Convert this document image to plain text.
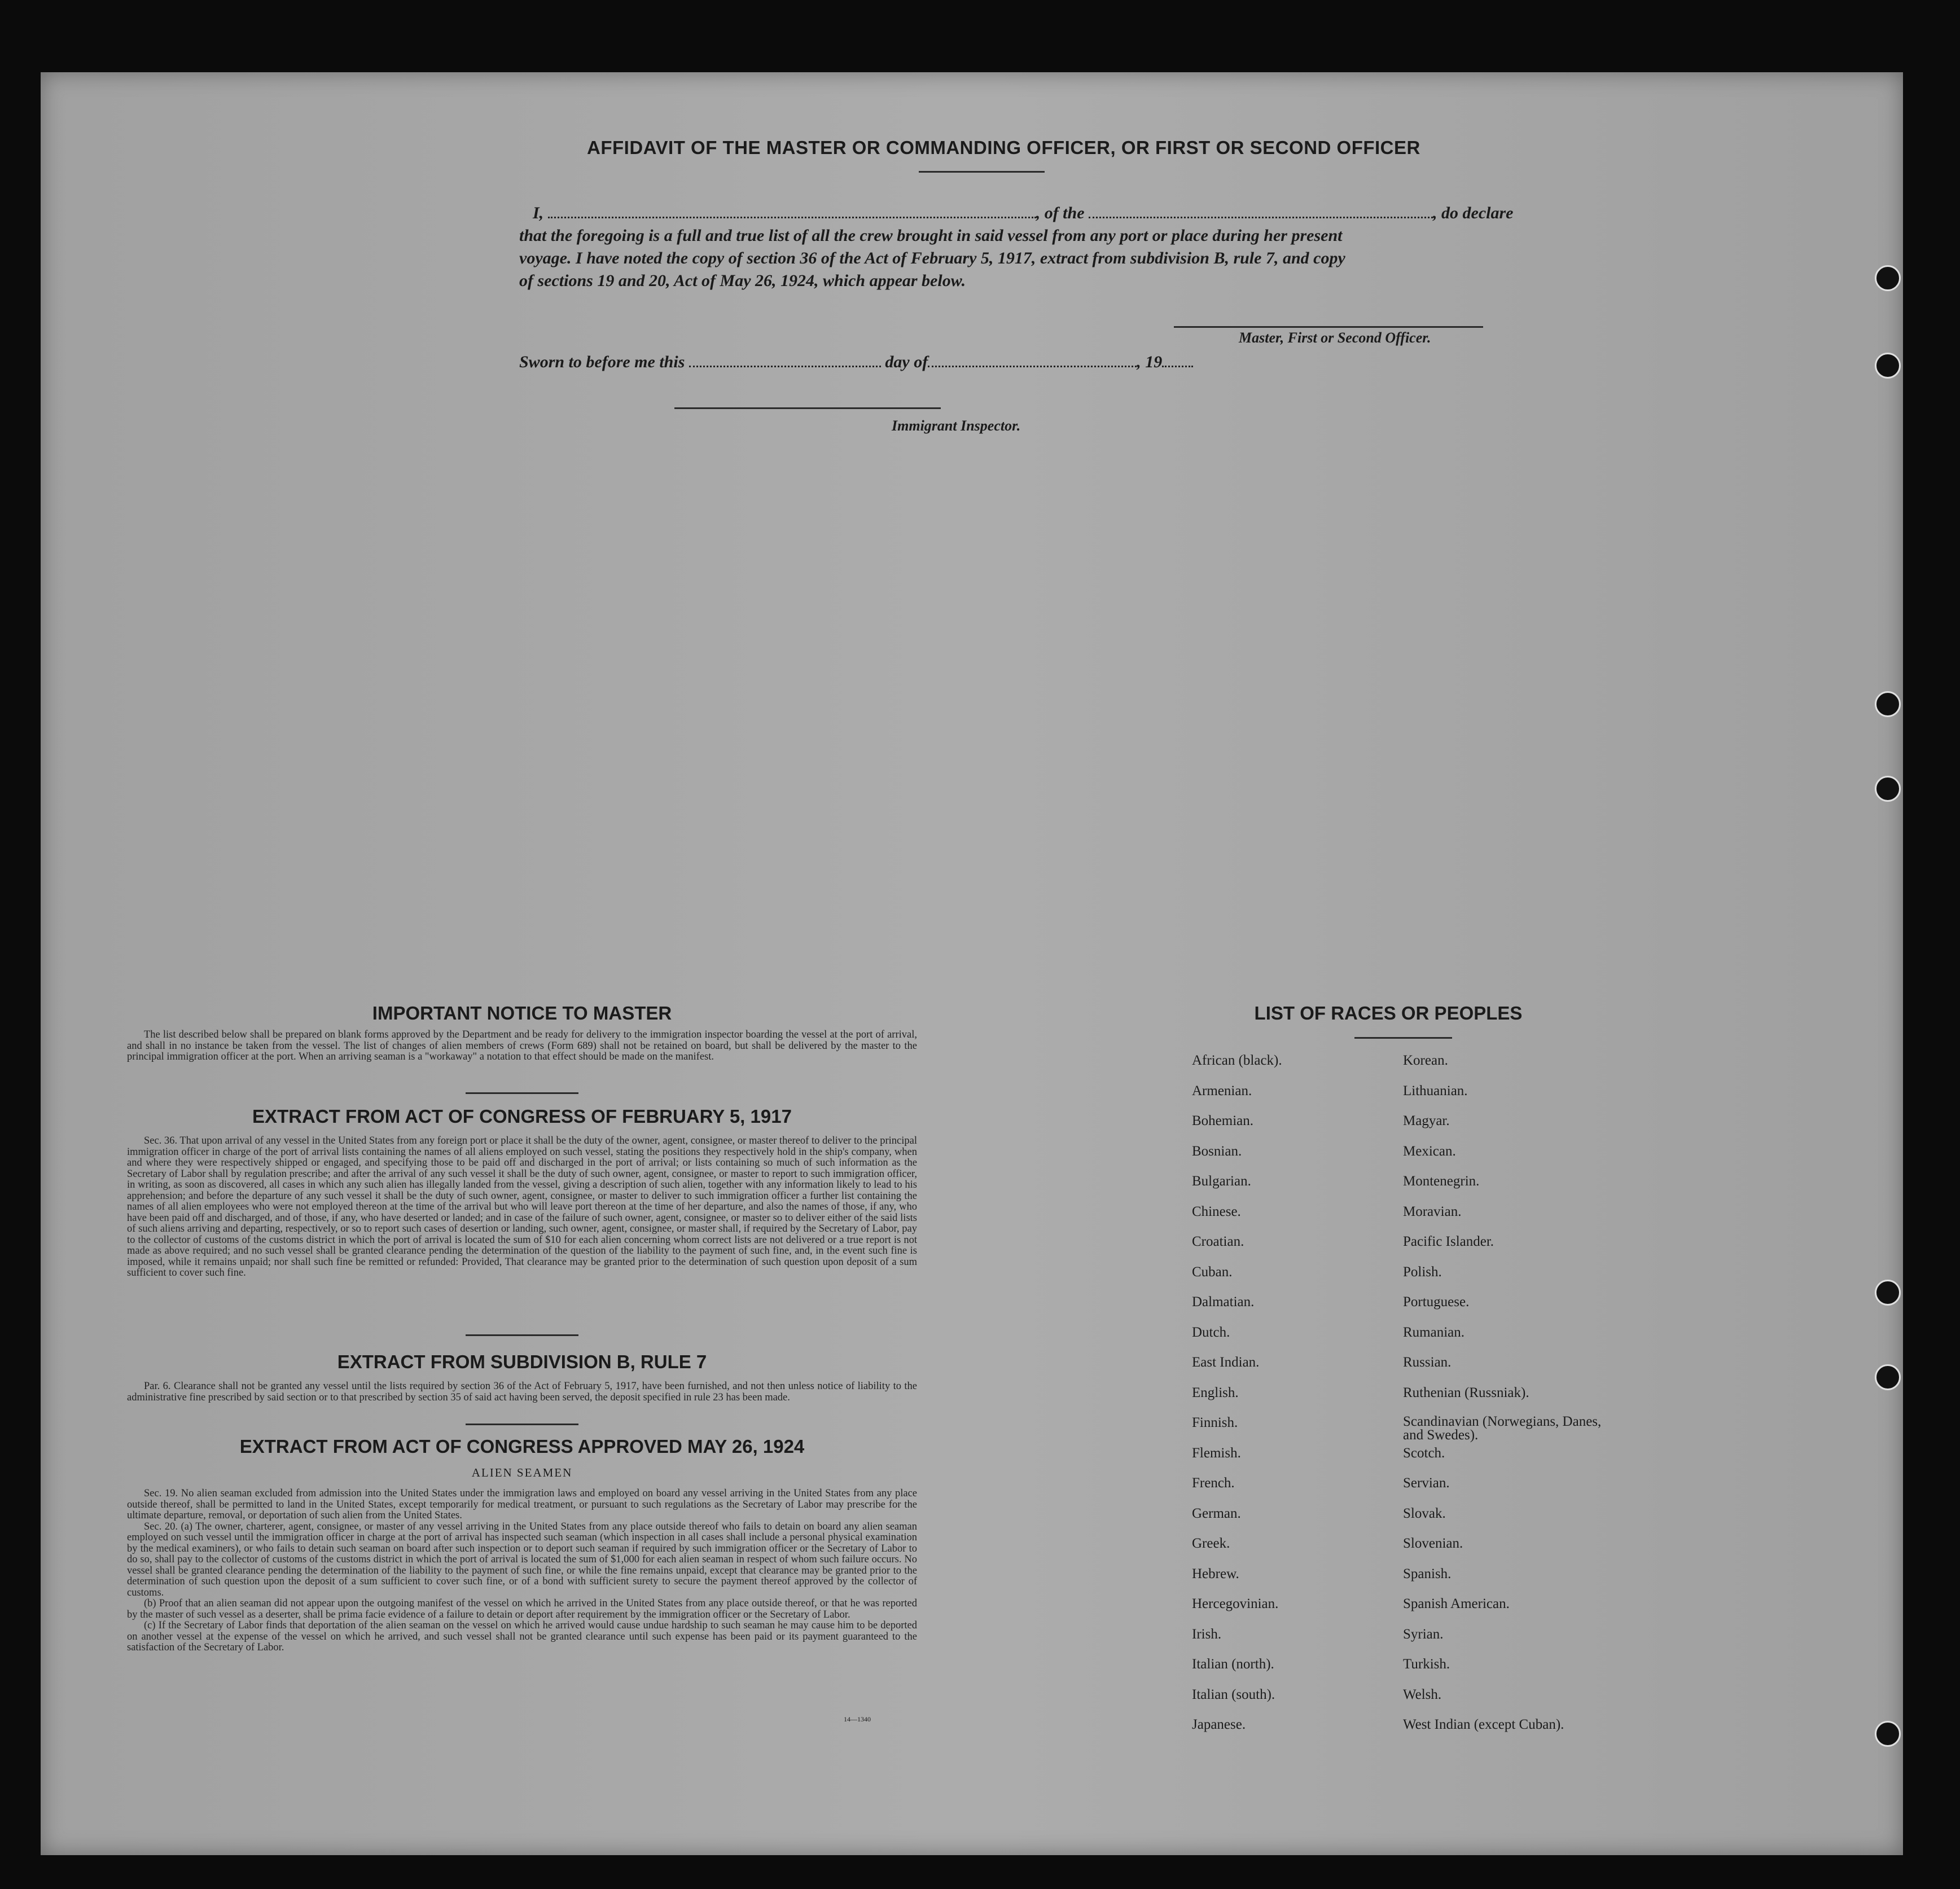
AFFIDAVIT OF THE MASTER OR COMMANDING OFFICER, OR FIRST OR SECOND OFFICER
I,	, of the	, do declare
that the foregoing is a full and true list of all the crew brought in said vessel from any port or place during her present
voyage. I have noted the copy of section 36 of the Act of February 5, 1917, extract from subdivision B, rule 7, and copy
of sections 19 and 20, Act of May 26, 1924, which appear below.
Master, First or Second Officer.
Sworn to before me this	day of	, 19
Immigrant Inspector.
IMPORTANT NOTICE TO MASTER

The list described below shall be prepared on blank forms approved by the Department and be ready for delivery to the immigration inspector boarding the vessel at the port of arrival, and shall in no instance be taken from the vessel. The list of changes of alien members of crews (Form 689) shall not be retained on board, but shall be delivered by the master to the principal immigration officer at the port. When an arriving seaman is a "workaway" a notation to that effect should be made on the manifest.

EXTRACT FROM ACT OF CONGRESS OF FEBRUARY 5, 1917

Sec. 36. That upon arrival of any vessel in the United States from any foreign port or place it shall be the duty of the owner, agent, consignee, or master thereof to deliver to the principal immigration officer in charge of the port of arrival lists containing the names of all aliens employed on such vessel, stating the positions they respectively hold in the ship's company, when and where they were respectively shipped or engaged, and specifying those to be paid off and discharged in the port of arrival; or lists containing so much of such information as the Secretary of Labor shall by regulation prescribe; and after the arrival of any such vessel it shall be the duty of such owner, agent, consignee, or master to report to such immigration officer, in writing, as soon as discovered, all cases in which any such alien has illegally landed from the vessel, giving a description of such alien, together with any information likely to lead to his apprehension; and before the departure of any such vessel it shall be the duty of such owner, agent, consignee, or master to deliver to such immigration officer a further list containing the names of all alien employees who were not employed thereon at the time of the arrival but who will leave port thereon at the time of her departure, and also the names of those, if any, who have been paid off and discharged, and of those, if any, who have deserted or landed; and in case of the failure of such owner, agent, consignee, or master so to deliver either of the said lists of such aliens arriving and departing, respectively, or so to report such cases of desertion or landing, such owner, agent, consignee, or master shall, if required by the Secretary of Labor, pay to the collector of customs of the customs district in which the port of arrival is located the sum of $10 for each alien concerning whom correct lists are not delivered or a true report is not made as above required; and no such vessel shall be granted clearance pending the determination of the question of the liability to the payment of such fine, and, in the event such fine is imposed, while it remains unpaid; nor shall such fine be remitted or refunded: Provided, That clearance may be granted prior to the determination of such question upon deposit of a sum sufficient to cover such fine.

EXTRACT FROM SUBDIVISION B, RULE 7

Par. 6. Clearance shall not be granted any vessel until the lists required by section 36 of the Act of February 5, 1917, have been furnished, and not then unless notice of liability to the administrative fine prescribed by said section or to that prescribed by section 35 of said act having been served, the deposit specified in rule 23 has been made.

EXTRACT FROM ACT OF CONGRESS APPROVED MAY 26, 1924
ALIEN SEAMEN

Sec. 19. No alien seaman excluded from admission into the United States under the immigration laws and employed on board any vessel arriving in the United States from any place outside thereof, shall be permitted to land in the United States, except temporarily for medical treatment, or pursuant to such regulations as the Secretary of Labor may prescribe for the ultimate departure, removal, or deportation of such alien from the United States.

Sec. 20. (a) The owner, charterer, agent, consignee, or master of any vessel arriving in the United States from any place outside thereof who fails to detain on board any alien seaman employed on such vessel until the immigration officer in charge at the port of arrival has inspected such seaman (which inspection in all cases shall include a personal physical examination by the medical examiners), or who fails to detain such seaman on board after such inspection or to deport such seaman if required by such immigration officer or the Secretary of Labor to do so, shall pay to the collector of customs of the customs district in which the port of arrival is located the sum of $1,000 for each alien seaman in respect of whom such failure occurs. No vessel shall be granted clearance pending the determination of the liability to the payment of such fine, or while the fine remains unpaid, except that clearance may be granted prior to the determination of such question upon the deposit of a sum sufficient to cover such fine, or of a bond with sufficient surety to secure the payment thereof approved by the collector of customs.

(b) Proof that an alien seaman did not appear upon the outgoing manifest of the vessel on which he arrived in the United States from any place outside thereof, or that he was reported by the master of such vessel as a deserter, shall be prima facie evidence of a failure to detain or deport after requirement by the immigration officer or the Secretary of Labor.

(c) If the Secretary of Labor finds that deportation of the alien seaman on the vessel on which he arrived would cause undue hardship to such seaman he may cause him to be deported on another vessel at the expense of the vessel on which he arrived, and such vessel shall not be granted clearance until such expense has been paid or its payment guaranteed to the satisfaction of the Secretary of Labor.

14—1340
LIST OF RACES OR PEOPLES
African (black).	Korean.
Armenian.	Lithuanian.
Bohemian.	Magyar.
Bosnian.	Mexican.
Bulgarian.	Montenegrin.
Chinese.	Moravian.
Croatian.	Pacific Islander.
Cuban.	Polish.
Dalmatian.	Portuguese.
Dutch.	Rumanian.
East Indian.	Russian.
English.	Ruthenian (Russniak).
Finnish.	Scandinavian (Norwegians, Danes, and Swedes).
Flemish.	Scotch.
French.	Servian.
German.	Slovak.
Greek.	Slovenian.
Hebrew.	Spanish.
Hercegovinian.	Spanish American.
Irish.	Syrian.
Italian (north).	Turkish.
Italian (south).	Welsh.
Japanese.	West Indian (except Cuban).
